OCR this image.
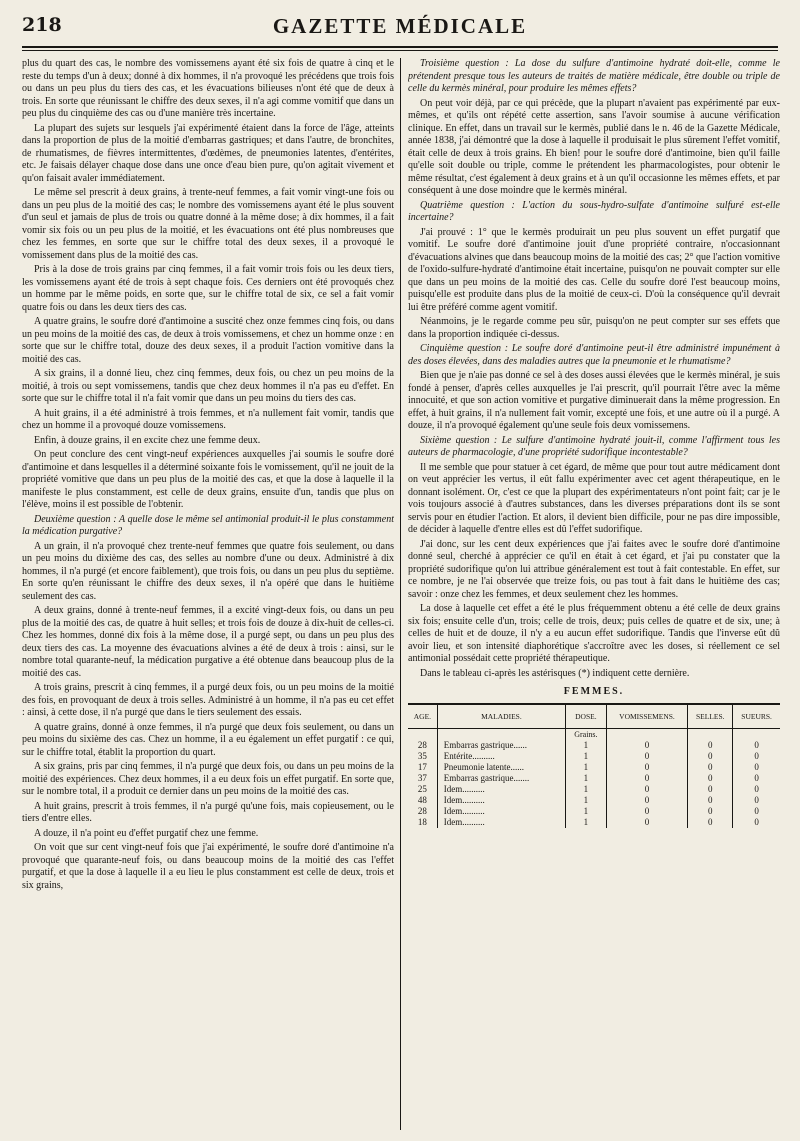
218	GAZETTE MÉDICALE

plus du quart des cas, le nombre des vomissemens ayant été six fois de quatre à cinq et le reste du temps d'un à deux; donné à dix hommes, il n'a provoqué les précédens que trois fois ou dans un peu plus du tiers des cas, et les évacuations bilieuses n'ont été que de deux à trois. En sorte que réunissant le chiffre des deux sexes, il n'a agi comme vomitif que dans un peu plus du cinquième des cas ou d'une manière très incertaine.

La plupart des sujets sur lesquels j'ai expérimenté étaient dans la force de l'âge, atteints dans la proportion de plus de la moitié d'embarras gastriques; et dans l'autre, de bronchites, de rhumatismes, de fièvres intermittentes, d'œdèmes, de pneumonies latentes, d'entérites, etc. Je faisais délayer chaque dose dans une once d'eau bien pure, qu'on agitait vivement et qu'on faisait avaler immédiatement.

Le même sel prescrit à deux grains, à trente-neuf femmes, a fait vomir vingt-une fois ou dans un peu plus de la moitié des cas; le nombre des vomissemens ayant été le plus souvent d'un seul et jamais de plus de trois ou quatre donné à la même dose; à dix hommes, il a fait vomir six fois ou un peu plus de la moitié, et les évacuations ont été plus nombreuses que chez les femmes, en sorte que sur le chiffre total des deux sexes, il a provoqué le vomissement dans plus de la moitié des cas.

Pris à la dose de trois grains par cinq femmes, il a fait vomir trois fois ou les deux tiers, les vomissemens ayant été de trois à sept chaque fois. Ces derniers ont été provoqués chez un homme par le même poids, en sorte que, sur le chiffre total de six, ce sel a fait vomir quatre fois ou dans les deux tiers des cas.

A quatre grains, le soufre doré d'antimoine a suscité chez onze femmes cinq fois, ou dans un peu moins de la moitié des cas, de deux à trois vomissemens, et chez un homme onze : en sorte que sur le chiffre total, douze des deux sexes, il a produit l'action vomitive dans la moitié des cas.

A six grains, il a donné lieu, chez cinq femmes, deux fois, ou chez un peu moins de la moitié, à trois ou sept vomissemens, tandis que chez deux hommes il n'a pas eu d'effet. En sorte que sur le chiffre total il n'a fait vomir que dans un peu moins du tiers des cas.

A huit grains, il a été administré à trois femmes, et n'a nullement fait vomir, tandis que chez un homme il a provoqué douze vomissemens.

Enfin, à douze grains, il en excite chez une femme deux.

On peut conclure des cent vingt-neuf expériences auxquelles j'ai soumis le soufre doré d'antimoine et dans lesquelles il a déterminé soixante fois le vomissement, qu'il ne jouit de la propriété vomitive que dans un peu plus de la moitié des cas, et que la dose à laquelle il la manifeste le plus constamment, est celle de deux grains, ensuite d'un, tandis que plus on l'élève, moins il est possible de l'obtenir.

Deuxième question : A quelle dose le même sel antimonial produit-il le plus constamment la médication purgative?

A un grain, il n'a provoqué chez trente-neuf femmes que quatre fois seulement, ou dans un peu moins du dixième des cas, des selles au nombre d'une ou deux. Administré à dix hommes, il n'a purgé (et encore faiblement), que trois fois, ou dans un peu plus du septième. En sorte qu'en réunissant le chiffre des deux sexes, il n'a opéré que dans le huitième seulement des cas.

A deux grains, donné à trente-neuf femmes, il a excité vingt-deux fois, ou dans un peu plus de la moitié des cas, de quatre à huit selles; et trois fois de douze à dix-huit de celles-ci. Chez les hommes, donné dix fois à la même dose, il a purgé sept, ou dans un peu plus des deux tiers des cas. La moyenne des évacuations alvines a été de deux à trois : ainsi, sur le nombre total quarante-neuf, la médication purgative a été obtenue dans beaucoup plus de la moitié des cas.

A trois grains, prescrit à cinq femmes, il a purgé deux fois, ou un peu moins de la moitié des fois, en provoquant de deux à trois selles. Administré à un homme, il n'a pas eu cet effet : ainsi, à cette dose, il n'a purgé que dans le tiers seulement des essais.

A quatre grains, donné à onze femmes, il n'a purgé que deux fois seulement, ou dans un peu moins du sixième des cas. Chez un homme, il a eu également un effet purgatif : ce qui, sur le chiffre total, établit la proportion du quart.

A six grains, pris par cinq femmes, il n'a purgé que deux fois, ou dans un peu moins de la moitié des expériences. Chez deux hommes, il a eu deux fois un effet purgatif. En sorte que, sur le nombre total, il a produit ce dernier dans un peu moins de la moitié des cas.

A huit grains, prescrit à trois femmes, il n'a purgé qu'une fois, mais copieusement, ou le tiers d'entre elles.

A douze, il n'a point eu d'effet purgatif chez une femme.

On voit que sur cent vingt-neuf fois que j'ai expérimenté, le soufre doré d'antimoine n'a provoqué que quarante-neuf fois, ou dans beaucoup moins de la moitié des cas l'effet purgatif, et que la dose à laquelle il a eu lieu le plus constamment est celle de deux, trois et six grains,

Troisième question : La dose du sulfure d'antimoine hydraté doit-elle, comme le prétendent presque tous les auteurs de traités de matière médicale, être double ou triple de celle du kermès minéral, pour produire les mêmes effets?

On peut voir déjà, par ce qui précède, que la plupart n'avaient pas expérimenté par eux-mêmes, et qu'ils ont répété cette assertion, sans l'avoir soumise à aucune vérification clinique. En effet, dans un travail sur le kermès, publié dans le n. 46 de la Gazette Médicale, année 1838, j'ai démontré que la dose à laquelle il produisait le plus sûrement l'effet vomitif, était celle de deux à trois grains. Eh bien! pour le soufre doré d'antimoine, bien qu'il faille qu'elle soit double ou triple, comme le prétendent les pharmacologistes, pour obtenir le même résultat, c'est également à deux grains et à un qu'il occasionne les mêmes effets, et par conséquent à une dose moindre que le kermès minéral.

Quatrième question : L'action du sous-hydro-sulfate d'antimoine sulfuré est-elle incertaine?

J'ai prouvé : 1° que le kermès produirait un peu plus souvent un effet purgatif que vomitif. Le soufre doré d'antimoine jouit d'une propriété contraire, n'occasionnant d'évacuations alvines que dans beaucoup moins de la moitié des cas; 2° que l'action vomitive de l'oxido-sulfure-hydraté d'antimoine était incertaine, puisqu'on ne pouvait compter sur elle que dans un peu moins de la moitié des cas. Celle du soufre doré l'est beaucoup moins, puisqu'elle est produite dans plus de la moitié de ceux-ci. D'où la conséquence qu'il devrait lui être préféré comme agent vomitif.

Néanmoins, je le regarde comme peu sûr, puisqu'on ne peut compter sur ses effets que dans la proportion indiquée ci-dessus.

Cinquième question : Le soufre doré d'antimoine peut-il être administré impunément à des doses élevées, dans des maladies autres que la pneumonie et le rhumatisme?

Bien que je n'aie pas donné ce sel à des doses aussi élevées que le kermès minéral, je suis fondé à penser, d'après celles auxquelles je l'ai prescrit, qu'il pourrait l'être avec la même innocuité, et que son action vomitive et purgative diminuerait dans la même progression. En effet, à huit grains, il n'a nullement fait vomir, excepté une fois, et une autre où il a purgé. A douze, il n'a provoqué également qu'une seule fois deux vomissemens.

Sixième question : Le sulfure d'antimoine hydraté jouit-il, comme l'affirment tous les auteurs de pharmacologie, d'une propriété sudorifique incontestable?

Il me semble que pour statuer à cet égard, de même que pour tout autre médicament dont on veut apprécier les vertus, il eût fallu expérimenter avec cet agent thérapeutique, en le donnant isolément. Or, c'est ce que la plupart des expérimentateurs n'ont point fait; car je le vois toujours associé à d'autres substances, dans les diverses préparations dont ils se sont servis pour en étudier l'action. Et alors, il devient bien difficile, pour ne pas dire impossible, de décider à laquelle d'entre elles est dû l'effet sudorifique.

J'ai donc, sur les cent deux expériences que j'ai faites avec le soufre doré d'antimoine donné seul, cherché à apprécier ce qu'il en était à cet égard, et j'ai pu constater que la propriété sudorifique qu'on lui attribue généralement est tout à fait contestable. En effet, sur ce nombre, je ne l'ai observée que treize fois, ou pas tout à fait dans le huitième des cas; savoir : onze chez les femmes, et deux seulement chez les hommes.

La dose à laquelle cet effet a été le plus fréquemment obtenu a été celle de deux grains six fois; ensuite celle d'un, trois; celle de trois, deux; puis celles de quatre et de six, une; à celles de huit et de douze, il n'y a eu aucun effet sudorifique. Tandis que l'inverse eût dû avoir lieu, et son intensité diaphorétique s'accroître avec les doses, si réellement ce sel antimonial possédait cette propriété thérapeutique.

Dans le tableau ci-après les astérisques (*) indiquent cette dernière.

FEMMES.
AGE.	MALADIES.	DOSE.	VOMISSEMENS.	SELLES.	SUEURS.
		Grains.			
28	Embarras gastrique......	1	0	0	0
35	Entérite..........	1	0	0	0
17	Pneumonie latente......	1	0	0	0
37	Embarras gastrique.......	1	0	0	0
25	Idem..........	1	0	0	0
48	Idem..........	1	0	0	0
28	Idem..........	1	0	0	0
18	Idem..........	1	0	0	0
